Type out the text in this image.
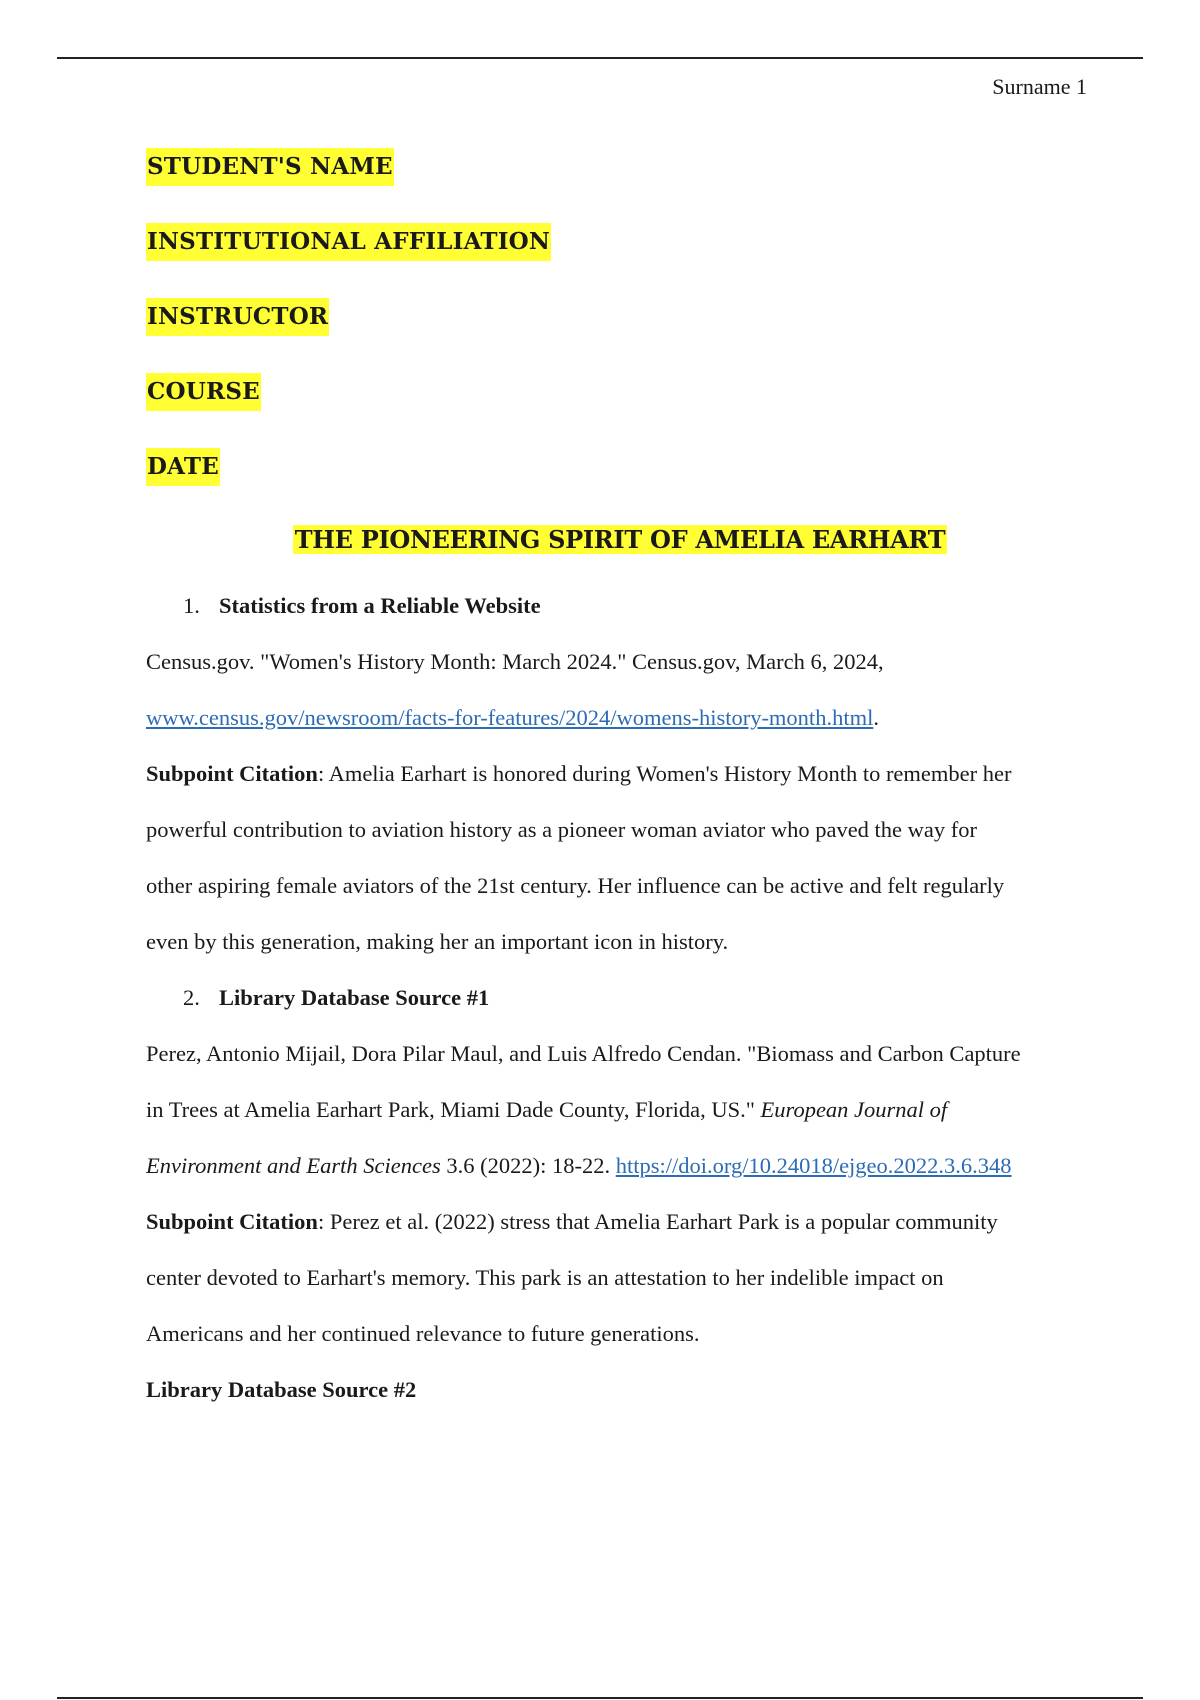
Surname 1
STUDENT'S NAME
INSTITUTIONAL AFFILIATION
INSTRUCTOR
COURSE
DATE
THE PIONEERING SPIRIT OF AMELIA EARHART
1. Statistics from a Reliable Website
Census.gov. "Women's History Month: March 2024." Census.gov, March 6, 2024,
www.census.gov/newsroom/facts-for-features/2024/womens-history-month.html.
Subpoint Citation: Amelia Earhart is honored during Women's History Month to remember her
powerful contribution to aviation history as a pioneer woman aviator who paved the way for
other aspiring female aviators of the 21st century. Her influence can be active and felt regularly
even by this generation, making her an important icon in history.
2. Library Database Source #1
Perez, Antonio Mijail, Dora Pilar Maul, and Luis Alfredo Cendan. "Biomass and Carbon Capture
in Trees at Amelia Earhart Park, Miami Dade County, Florida, US." European Journal of
Environment and Earth Sciences 3.6 (2022): 18-22. https://doi.org/10.24018/ejgeo.2022.3.6.348
Subpoint Citation: Perez et al. (2022) stress that Amelia Earhart Park is a popular community
center devoted to Earhart's memory. This park is an attestation to her indelible impact on
Americans and her continued relevance to future generations.
Library Database Source #2
